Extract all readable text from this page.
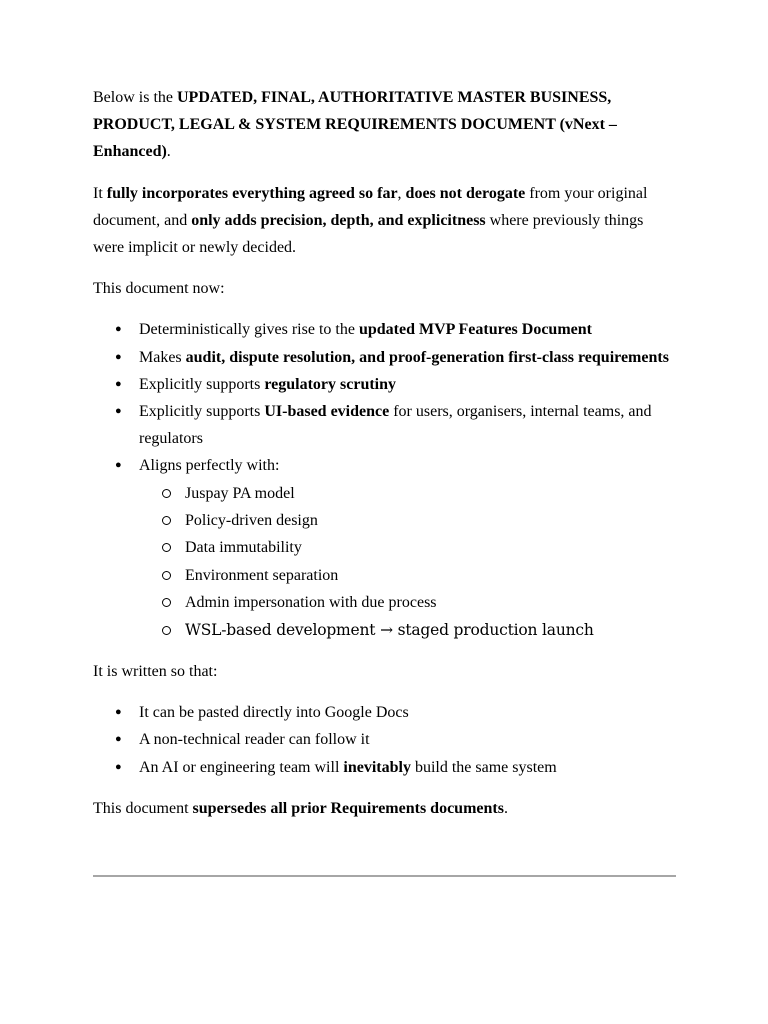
Below is the UPDATED, FINAL, AUTHORITATIVE MASTER BUSINESS, PRODUCT, LEGAL & SYSTEM REQUIREMENTS DOCUMENT (vNext – Enhanced).

It fully incorporates everything agreed so far, does not derogate from your original document, and only adds precision, depth, and explicitness where previously things were implicit or newly decided.

This document now:

●	Deterministically gives rise to the updated MVP Features Document
●	Makes audit, dispute resolution, and proof-generation first-class requirements
●	Explicitly supports regulatory scrutiny
●	Explicitly supports UI-based evidence for users, organisers, internal teams, and regulators
●	Aligns perfectly with:
Juspay PA model
Policy-driven design
Data immutability
Environment separation
Admin impersonation with due process
WSL-based development → staged production launch

It is written so that:

●	It can be pasted directly into Google Docs
●	A non-technical reader can follow it
●	An AI or engineering team will inevitably build the same system

This document supersedes all prior Requirements documents.
